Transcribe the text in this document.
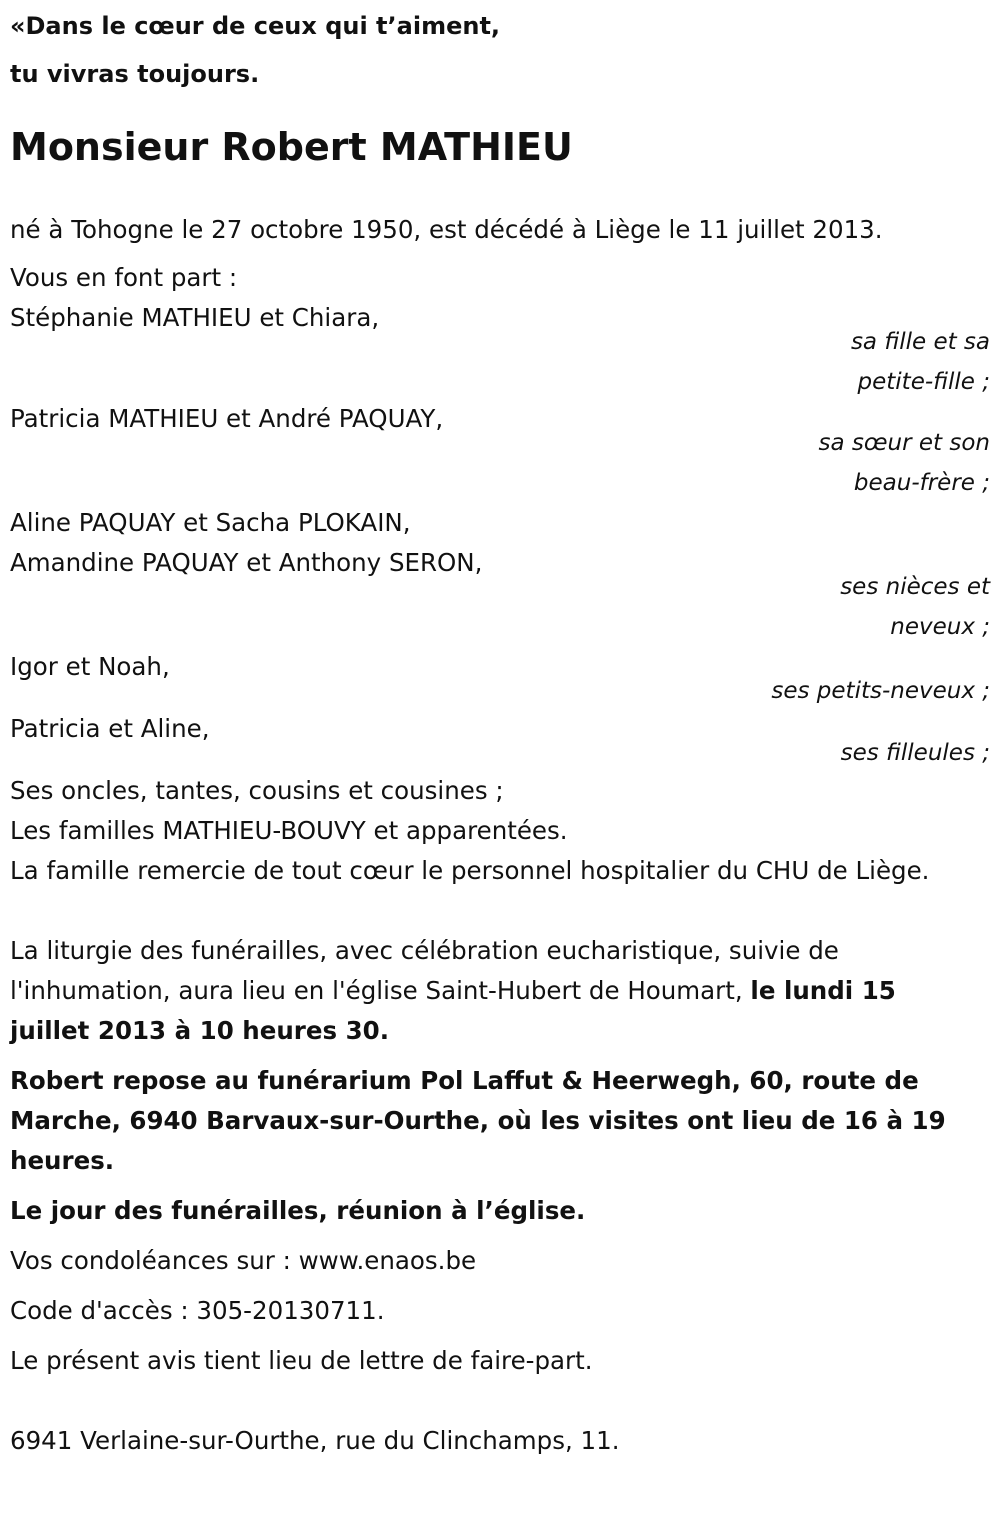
«Dans le cœur de ceux qui t’aiment,

tu vivras toujours.

Monsieur Robert MATHIEU

né à Tohogne le 27 octobre 1950, est décédé à Liège le 11 juillet 2013.

Vous en font part :

Stéphanie MATHIEU et Chiara,

sa fille et sa

petite-fille ;

Patricia MATHIEU et André PAQUAY,

sa sœur et son

beau-frère ;

Aline PAQUAY et Sacha PLOKAIN,

Amandine PAQUAY et Anthony SERON,

ses nièces et

neveux ;

Igor et Noah,

ses petits-neveux ;

Patricia et Aline,

ses filleules ;

Ses oncles, tantes, cousins et cousines ;

Les familles MATHIEU-BOUVY et apparentées.

La famille remercie de tout cœur le personnel hospitalier du CHU de Liège.

La liturgie des funérailles, avec célébration eucharistique, suivie de l'inhumation, aura lieu en l'église Saint-Hubert de Houmart, le lundi 15 juillet 2013 à 10 heures 30.

Robert repose au funérarium Pol Laffut & Heerwegh, 60, route de Marche, 6940 Barvaux-sur-Ourthe, où les visites ont lieu de 16 à 19 heures.

Le jour des funérailles, réunion à l’église.

Vos condoléances sur : www.enaos.be

Code d'accès : 305-20130711.

Le présent avis tient lieu de lettre de faire-part.

6941 Verlaine-sur-Ourthe, rue du Clinchamps, 11.
